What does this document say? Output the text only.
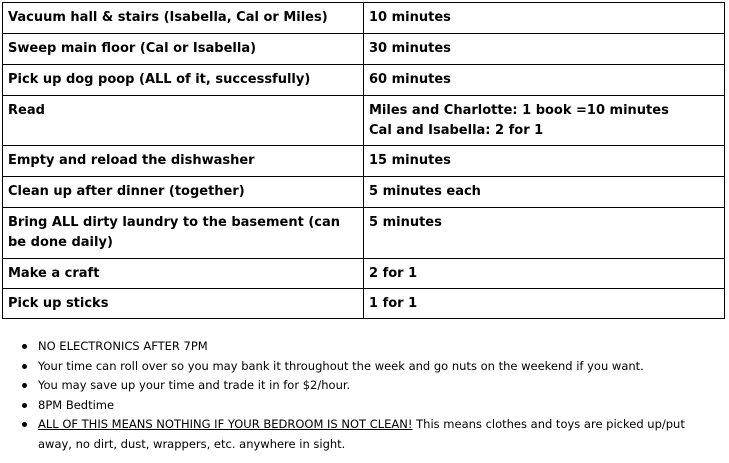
Vacuum hall & stairs (Isabella, Cal or Miles)	10 minutes

Sweep main floor (Cal or Isabella)	30 minutes

Pick up dog poop (ALL of it, successfully)	60 minutes

Read	Miles and Charlotte: 1 book =10 minutes
Cal and Isabella: 2 for 1

Empty and reload the dishwasher	15 minutes

Clean up after dinner (together)	5 minutes each

Bring ALL dirty laundry to the basement (can be done daily)	5 minutes

Make a craft	2 for 1

Pick up sticks	1 for 1
NO ELECTRONICS AFTER 7PM
Your time can roll over so you may bank it throughout the week and go nuts on the weekend if you want.
You may save up your time and trade it in for $2/hour.
8PM Bedtime
ALL OF THIS MEANS NOTHING IF YOUR BEDROOM IS NOT CLEAN! This means clothes and toys are picked up/put away, no dirt, dust, wrappers, etc. anywhere in sight.
